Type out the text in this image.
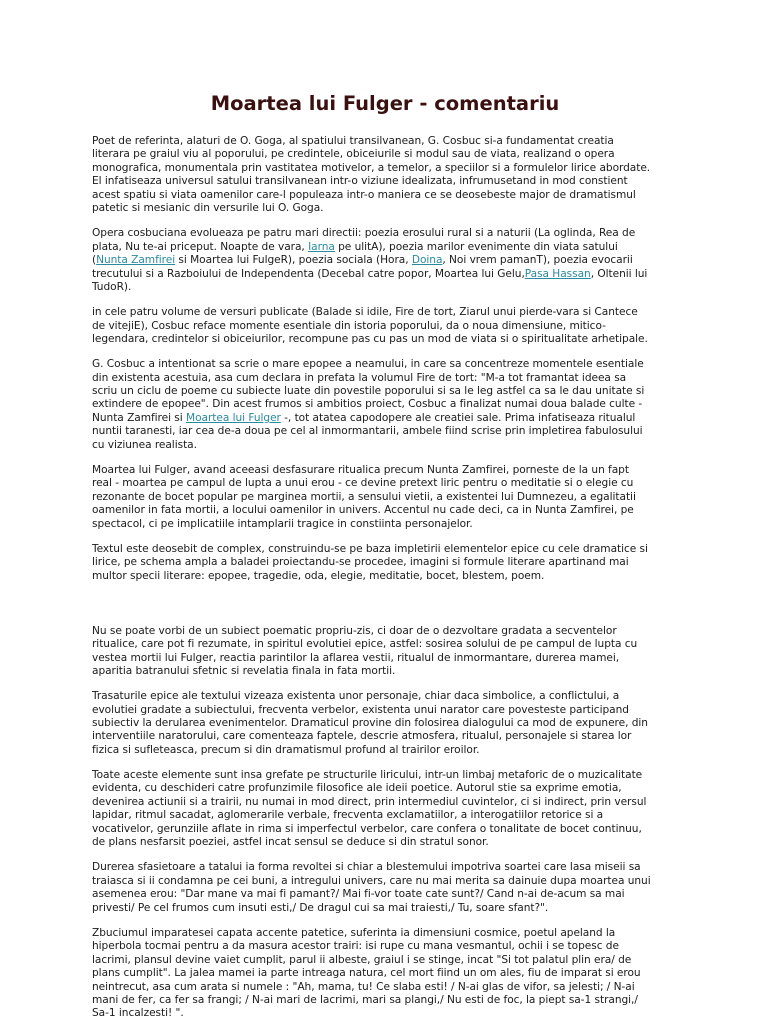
Moartea lui Fulger - comentariu
Poet de referinta, alaturi de O. Goga, al spatiului transilvanean, G. Cosbuc si-a fundamentat creatia
literara pe graiul viu al poporului, pe credintele, obiceiurile si modul sau de viata, realizand o opera
monografica, monumentala prin vastitatea motivelor, a temelor, a speciilor si a formulelor lirice abordate.
El infatiseaza universul satului transilvanean intr-o viziune idealizata, infrumusetand in mod constient
acest spatiu si viata oamenilor care-l populeaza intr-o maniera ce se deosebeste major de dramatismul
patetic si mesianic din versurile lui O. Goga.
Opera cosbuciana evolueaza pe patru mari directii: poezia erosului rural si a naturii (La oglinda, Rea de
plata, Nu te-ai priceput. Noapte de vara, Iarna pe ulitA), poezia marilor evenimente din viata satului
(Nunta Zamfirei si Moartea lui FulgeR), poezia sociala (Hora, Doina, Noi vrem pamanT), poezia evocarii
trecutului si a Razboiului de Independenta (Decebal catre popor, Moartea lui Gelu,Pasa Hassan, Oltenii lui
TudoR).
in cele patru volume de versuri publicate (Balade si idile, Fire de tort, Ziarul unui pierde-vara si Cantece
de vitejiE), Cosbuc reface momente esentiale din istoria poporului, da o noua dimensiune, mitico-
legendara, credintelor si obiceiurilor, recompune pas cu pas un mod de viata si o spiritualitate arhetipale.
G. Cosbuc a intentionat sa scrie o mare epopee a neamului, in care sa concentreze momentele esentiale
din existenta acestuia, asa cum declara in prefata la volumul Fire de tort: "M-a tot framantat ideea sa
scriu un ciclu de poeme cu subiecte luate din povestile poporului si sa le leg astfel ca sa le dau unitate si
extindere de epopee". Din acest frumos si ambitios proiect, Cosbuc a finalizat numai doua balade culte -
Nunta Zamfirei si Moartea lui Fulger -, tot atatea capodopere ale creatiei sale. Prima infatiseaza ritualul
nuntii taranesti, iar cea de-a doua pe cel al inmormantarii, ambele fiind scrise prin impletirea fabulosului
cu viziunea realista.
Moartea lui Fulger, avand aceeasi desfasurare ritualica precum Nunta Zamfirei, porneste de la un fapt
real - moartea pe campul de lupta a unui erou - ce devine pretext liric pentru o meditatie si o elegie cu
rezonante de bocet popular pe marginea mortii, a sensului vietii, a existentei lui Dumnezeu, a egalitatii
oamenilor in fata mortii, a locului oamenilor in univers. Accentul nu cade deci, ca in Nunta Zamfirei, pe
spectacol, ci pe implicatiile intamplarii tragice in constiinta personajelor.
Textul este deosebit de complex, construindu-se pe baza impletirii elementelor epice cu cele dramatice si
lirice, pe schema ampla a baladei proiectandu-se procedee, imagini si formule literare apartinand mai
multor specii literare: epopee, tragedie, oda, elegie, meditatie, bocet, blestem, poem.
Nu se poate vorbi de un subiect poematic propriu-zis, ci doar de o dezvoltare gradata a secventelor
ritualice, care pot fi rezumate, in spiritul evolutiei epice, astfel: sosirea solului de pe campul de lupta cu
vestea mortii lui Fulger, reactia parintilor la aflarea vestii, ritualul de inmormantare, durerea mamei,
aparitia batranului sfetnic si revelatia finala in fata mortii.
Trasaturile epice ale textului vizeaza existenta unor personaje, chiar daca simbolice, a conflictului, a
evolutiei gradate a subiectului, frecventa verbelor, existenta unui narator care povesteste participand
subiectiv la derularea evenimentelor. Dramaticul provine din folosirea dialogului ca mod de expunere, din
interventiile naratorului, care comenteaza faptele, descrie atmosfera, ritualul, personajele si starea lor
fizica si sufleteasca, precum si din dramatismul profund al trairilor eroilor.
Toate aceste elemente sunt insa grefate pe structurile liricului, intr-un limbaj metaforic de o muzicalitate
evidenta, cu deschideri catre profunzimile filosofice ale ideii poetice. Autorul stie sa exprime emotia,
devenirea actiunii si a trairii, nu numai in mod direct, prin intermediul cuvintelor, ci si indirect, prin versul
lapidar, ritmul sacadat, aglomerarile verbale, frecventa exclamatiilor, a interogatiilor retorice si a
vocativelor, gerunziile aflate in rima si imperfectul verbelor, care confera o tonalitate de bocet continuu,
de plans nesfarsit poeziei, astfel incat sensul se deduce si din stratul sonor.
Durerea sfasietoare a tatalui ia forma revoltei si chiar a blestemului impotriva soartei care lasa miseii sa
traiasca si ii condamna pe cei buni, a intregului univers, care nu mai merita sa dainuie dupa moartea unui
asemenea erou: "Dar mane va mai fi pamant?/ Mai fi-vor toate cate sunt?/ Cand n-ai de-acum sa mai
privesti/ Pe cel frumos cum insuti esti,/ De dragul cui sa mai traiesti,/ Tu, soare sfant?".
Zbuciumul imparatesei capata accente patetice, suferinta ia dimensiuni cosmice, poetul apeland la
hiperbola tocmai pentru a da masura acestor trairi: isi rupe cu mana vesmantul, ochii i se topesc de
lacrimi, plansul devine vaiet cumplit, parul ii albeste, graiul i se stinge, incat "Si tot palatul plin era/ de
plans cumplit". La jalea mamei ia parte intreaga natura, cel mort fiind un om ales, fiu de imparat si erou
neintrecut, asa cum arata si numele : "Ah, mama, tu! Ce slaba esti! / N-ai glas de vifor, sa jelesti; / N-ai
mani de fer, ca fer sa frangi; / N-ai mari de lacrimi, mari sa plangi,/ Nu esti de foc, la piept sa-1 strangi,/
Sa-1 incalzesti! ".
